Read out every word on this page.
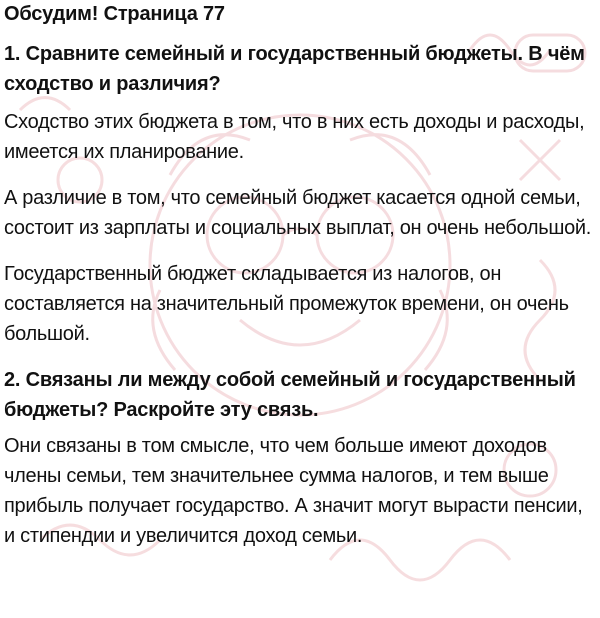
Обсудим! Страница 77
1. Сравните семейный и государственный бюджеты. В чём сходство и различия?

Сходство этих бюджета в том, что в них есть доходы и расходы, имеется их планирование.

А различие в том, что семейный бюджет касается одной семьи, состоит из зарплаты и социальных выплат, он очень небольшой.

Государственный бюджет складывается из налогов, он составляется на значительный промежуток времени, он очень большой.

2. Связаны ли между собой семейный и государственный бюджеты? Раскройте эту связь.

Они связаны в том смысле, что чем больше имеют доходов члены семьи, тем значительнее сумма налогов, и тем выше прибыль получает государство. А значит могут вырасти пенсии, и стипендии и увеличится доход семьи.
